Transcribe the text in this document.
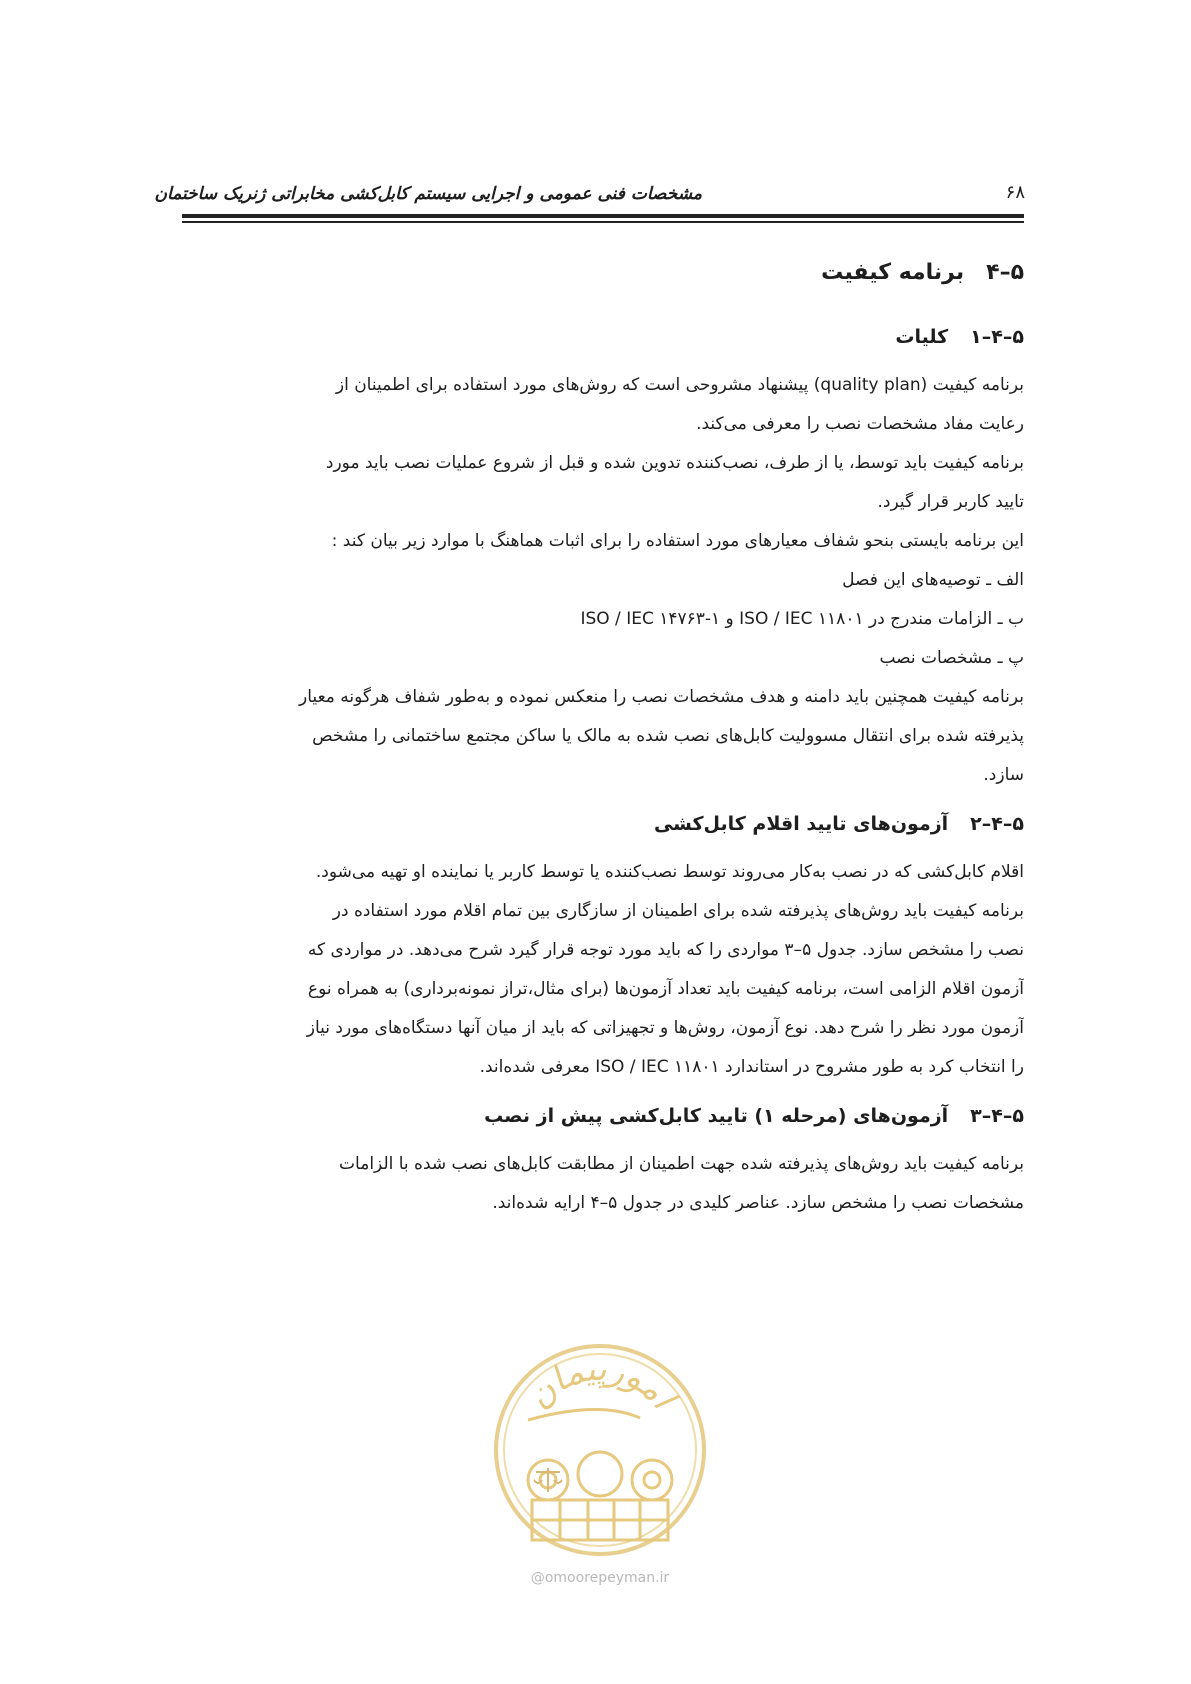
مشخصات فنی عمومی و اجرایی سیستم کابل‌کشی مخابراتی ژنریک ساختمان	۶۸
۵–۴
برنامه کیفیت
۵–۴–۱
کلیات
برنامه کیفیت (quality plan) پیشنهاد مشروحی است که روش‌های مورد استفاده برای اطمینان از
رعایت مفاد مشخصات نصب را معرفی می‌کند.
برنامه کیفیت باید توسط، یا از طرف، نصب‌کننده تدوین شده و قبل از شروع عملیات نصب باید مورد
تایید کاربر قرار گیرد.
این برنامه بایستی بنحو شفاف معیارهای مورد استفاده را برای اثبات هماهنگ با موارد زیر بیان کند :
الف ـ توصیه‌های این فصل
ب ـ الزامات مندرج در ISO / IEC ۱۱۸۰۱ و ISO / IEC ۱۴۷۶۳-۱
پ ـ مشخصات نصب
برنامه کیفیت همچنین باید دامنه و هدف مشخصات نصب را منعکس نموده و به‌طور شفاف هرگونه معیار
پذیرفته شده برای انتقال مسوولیت کابل‌های نصب شده به مالک یا ساکن مجتمع ساختمانی را مشخص
سازد.
۵–۴–۲
آزمون‌های تایید اقلام کابل‌کشی
اقلام کابل‌کشی که در نصب به‌کار می‌روند توسط نصب‌کننده یا توسط کاربر یا نماینده او تهیه می‌شود.
برنامه کیفیت باید روش‌های پذیرفته شده برای اطمینان از سازگاری بین تمام اقلام مورد استفاده در
نصب را مشخص سازد. جدول ۵–۳ مواردی را که باید مورد توجه قرار گیرد شرح می‌دهد. در مواردی که
آزمون اقلام الزامی است، برنامه کیفیت باید تعداد آزمون‌ها (برای مثال،تراز نمونه‌برداری) به همراه نوع
آزمون مورد نظر را شرح دهد. نوع آزمون، روش‌ها و تجهیزاتی که باید از میان آنها دستگاه‌های مورد نیاز
را انتخاب کرد به طور مشروح در استاندارد ISO / IEC ۱۱۸۰۱ معرفی شده‌اند.
۵–۴–۳
آزمون‌های (مرحله ۱) تایید کابل‌کشی پیش از نصب
برنامه کیفیت باید روش‌های پذیرفته شده جهت اطمینان از مطابقت کابل‌های نصب شده با الزامات
مشخصات نصب را مشخص سازد. عناصر کلیدی در جدول ۵–۴ ارایه شده‌اند.
امورپیمان
@omoorepeyman.ir
